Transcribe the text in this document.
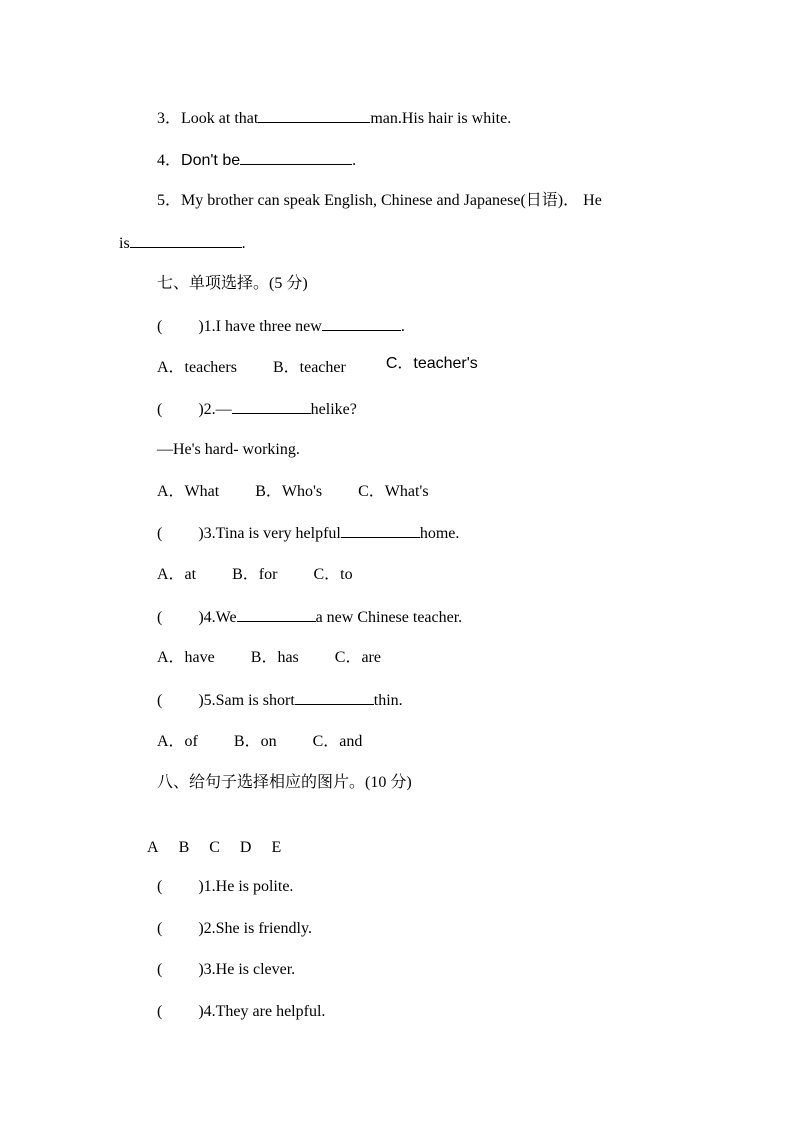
3．Look at that	man.His hair is white.
4．Don't be	.
5．My brother can speak English, Chinese and Japanese(日语)． He
is	.
七、单项选择。(5 分)
( )1.I have three new	.
A．teachers B．teacher	C．teacher's
( )2.—	helike?
—He's hard- working.
A．What B．Who's C．What's
( )3.Tina is very helpful	home.
A．at B．for C．to
( )4.We	a new Chinese teacher.
A．have B．has C．are
( )5.Sam is short	thin.
A．of B．on C．and
八、给句子选择相应的图片。(10 分)
A B C D E
( )1.He is polite.
( )2.She is friendly.
( )3.He is clever.
( )4.They are helpful.
